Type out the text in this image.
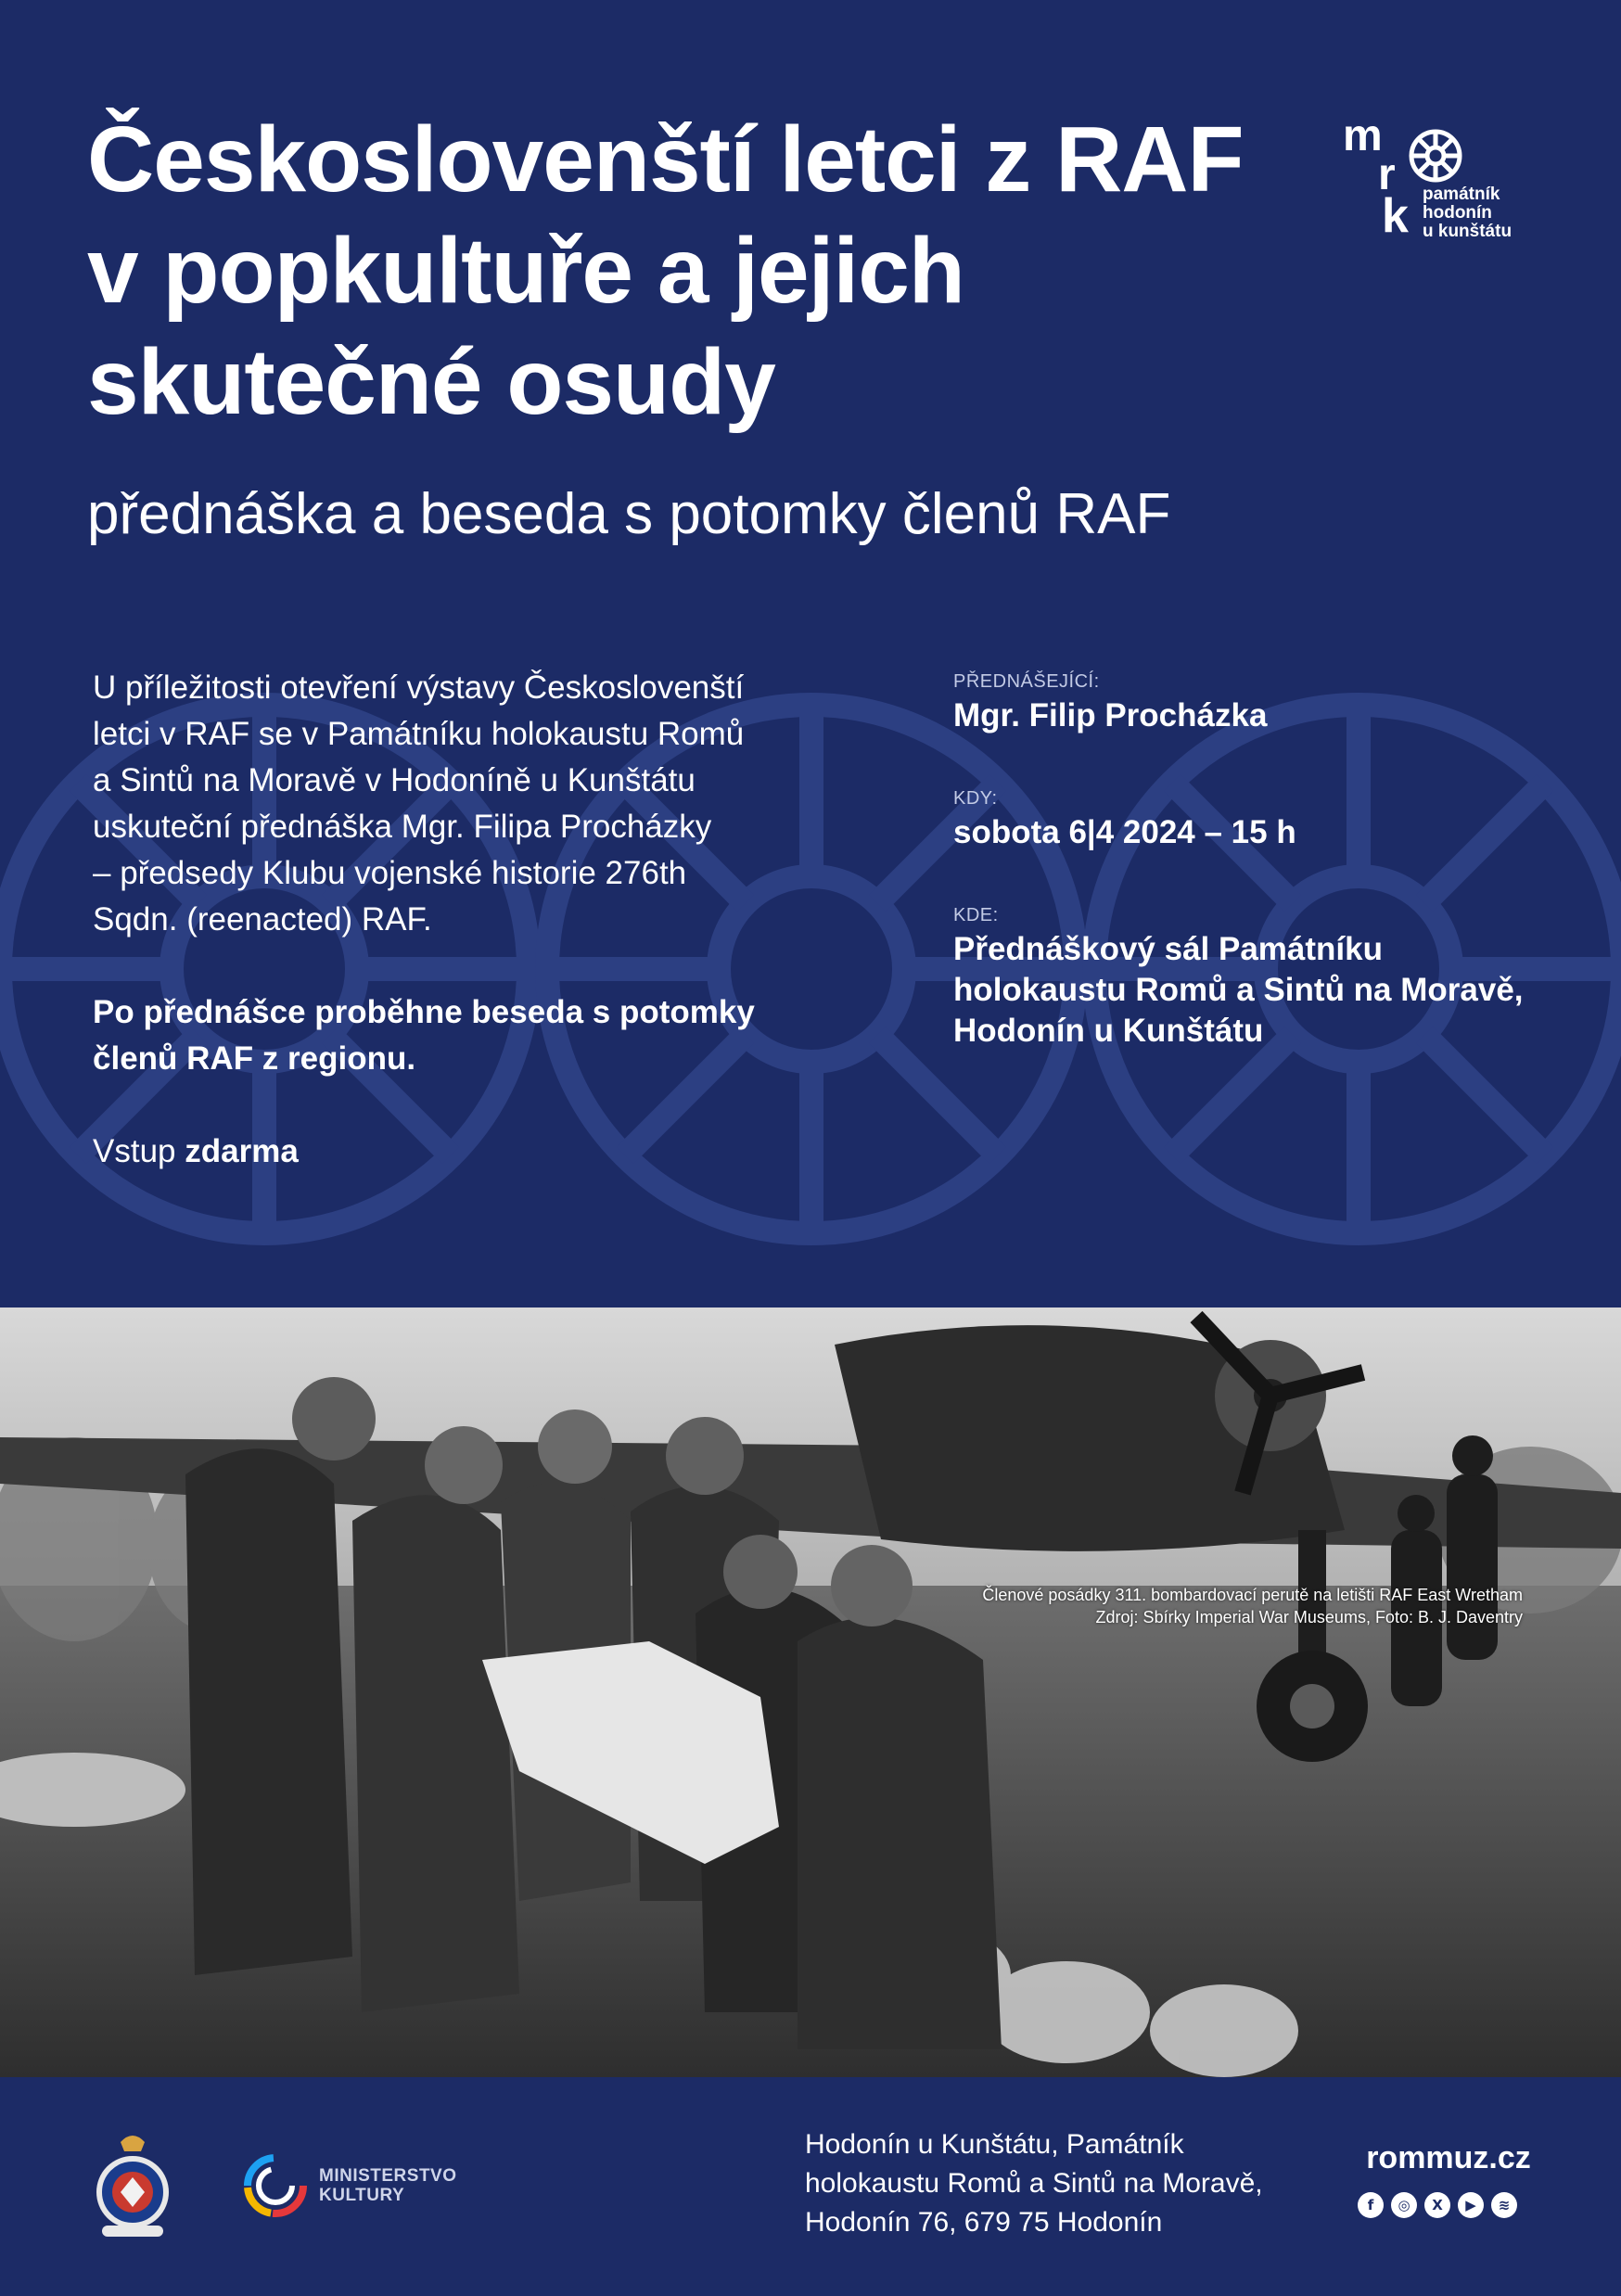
Českoslovenští letci z RAF
v popkultuře a jejich
skutečné osudy
přednáška a beseda s potomky členů RAF
m
r
k památník
hodonín
u kunštátu

U příležitosti otevření výstavy Českoslovenští
letci v RAF se v Památníku holokaustu Romů
a Sintů na Moravě v Hodoníně u Kunštátu
uskuteční přednáška Mgr. Filipa Procházky
– předsedy Klubu vojenské historie 276th
Sqdn. (reenacted) RAF.

Po přednášce proběhne beseda s potomky
členů RAF z regionu.

Vstup zdarma

PŘEDNÁŠEJÍCÍ:
Mgr. Filip Procházka
KDY:
sobota 6|4 2024 – 15 h
KDE:
Přednáškový sál Památníku
holokaustu Romů a Sintů na Moravě,
Hodonín u Kunštátu
Členové posádky 311. bombardovací perutě na letišti RAF East Wretham
Zdroj: Sbírky Imperial War Museums, Foto: B. J. Daventry
MINISTERSTVO
KULTURY
Hodonín u Kunštátu, Památník
holokaustu Romů a Sintů na Moravě,
Hodonín 76, 679 75 Hodonín
rommuz.cz
f	◎	X	▶	≋
